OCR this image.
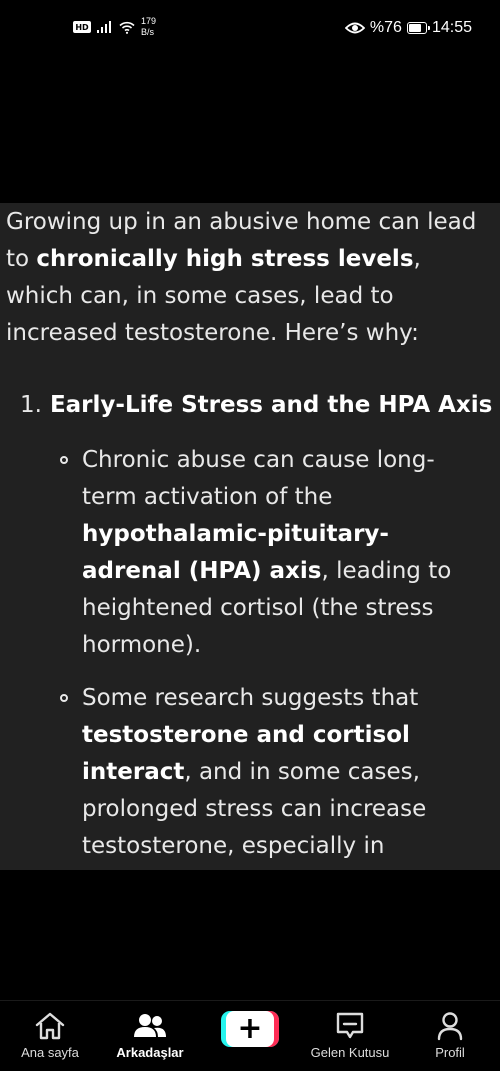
HD
179
B/s	%76 14:55

Growing up in an abusive home can lead to chronically high stress levels, which can, in some cases, lead to increased testosterone. Here’s why:

1. Early-Life Stress and the HPA Axis

Chronic abuse can cause long-term activation of the hypothalamic-pituitary-adrenal (HPA) axis, leading to heightened cortisol (the stress hormone).

Some research suggests that testosterone and cortisol interact, and in some cases, prolonged stress can increase testosterone, especially in

Ana sayfa	Arkadaşlar
+
Gelen Kutusu	Profil
